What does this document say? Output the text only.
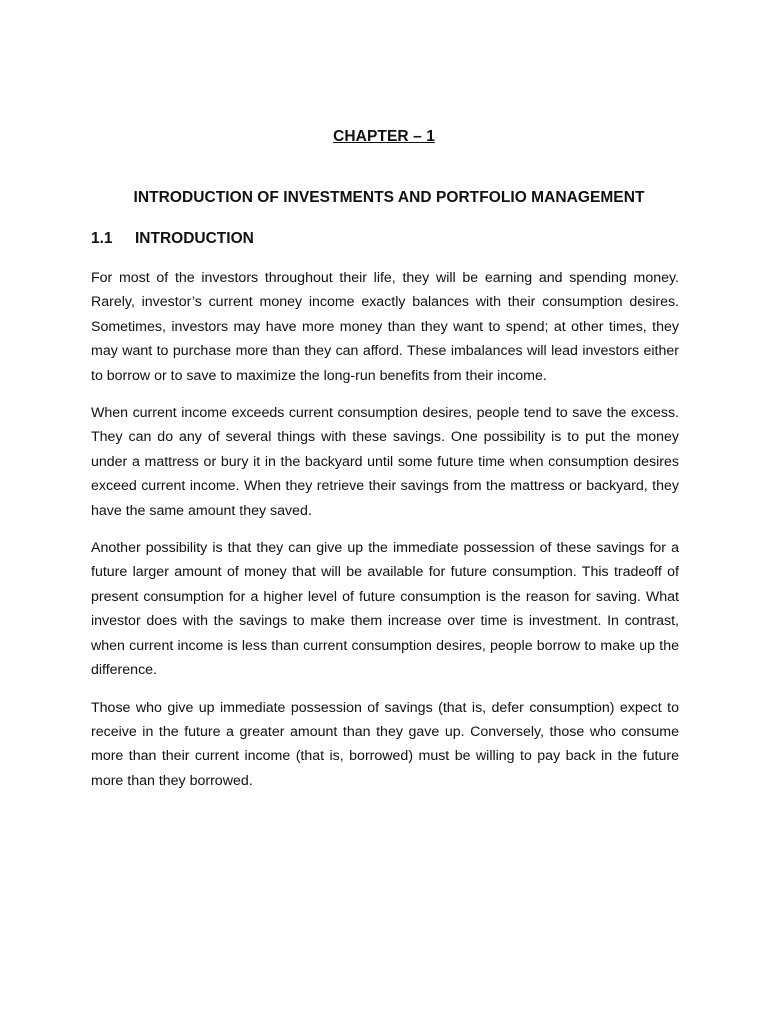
CHAPTER – 1
INTRODUCTION OF INVESTMENTS AND PORTFOLIO MANAGEMENT
1.1 INTRODUCTION

For most of the investors throughout their life, they will be earning and spending money. Rarely, investor’s current money income exactly balances with their consumption desires. Sometimes, investors may have more money than they want to spend; at other times, they may want to purchase more than they can afford. These imbalances will lead investors either to borrow or to save to maximize the long-run benefits from their income.

When current income exceeds current consumption desires, people tend to save the excess. They can do any of several things with these savings. One possibility is to put the money under a mattress or bury it in the backyard until some future time when consumption desires exceed current income. When they retrieve their savings from the mattress or backyard, they have the same amount they saved.

Another possibility is that they can give up the immediate possession of these savings for a future larger amount of money that will be available for future consumption. This tradeoff of present consumption for a higher level of future consumption is the reason for saving. What investor does with the savings to make them increase over time is investment. In contrast, when current income is less than current consumption desires, people borrow to make up the difference.

Those who give up immediate possession of savings (that is, defer consumption) expect to receive in the future a greater amount than they gave up. Conversely, those who consume more than their current income (that is, borrowed) must be willing to pay back in the future more than they borrowed.
